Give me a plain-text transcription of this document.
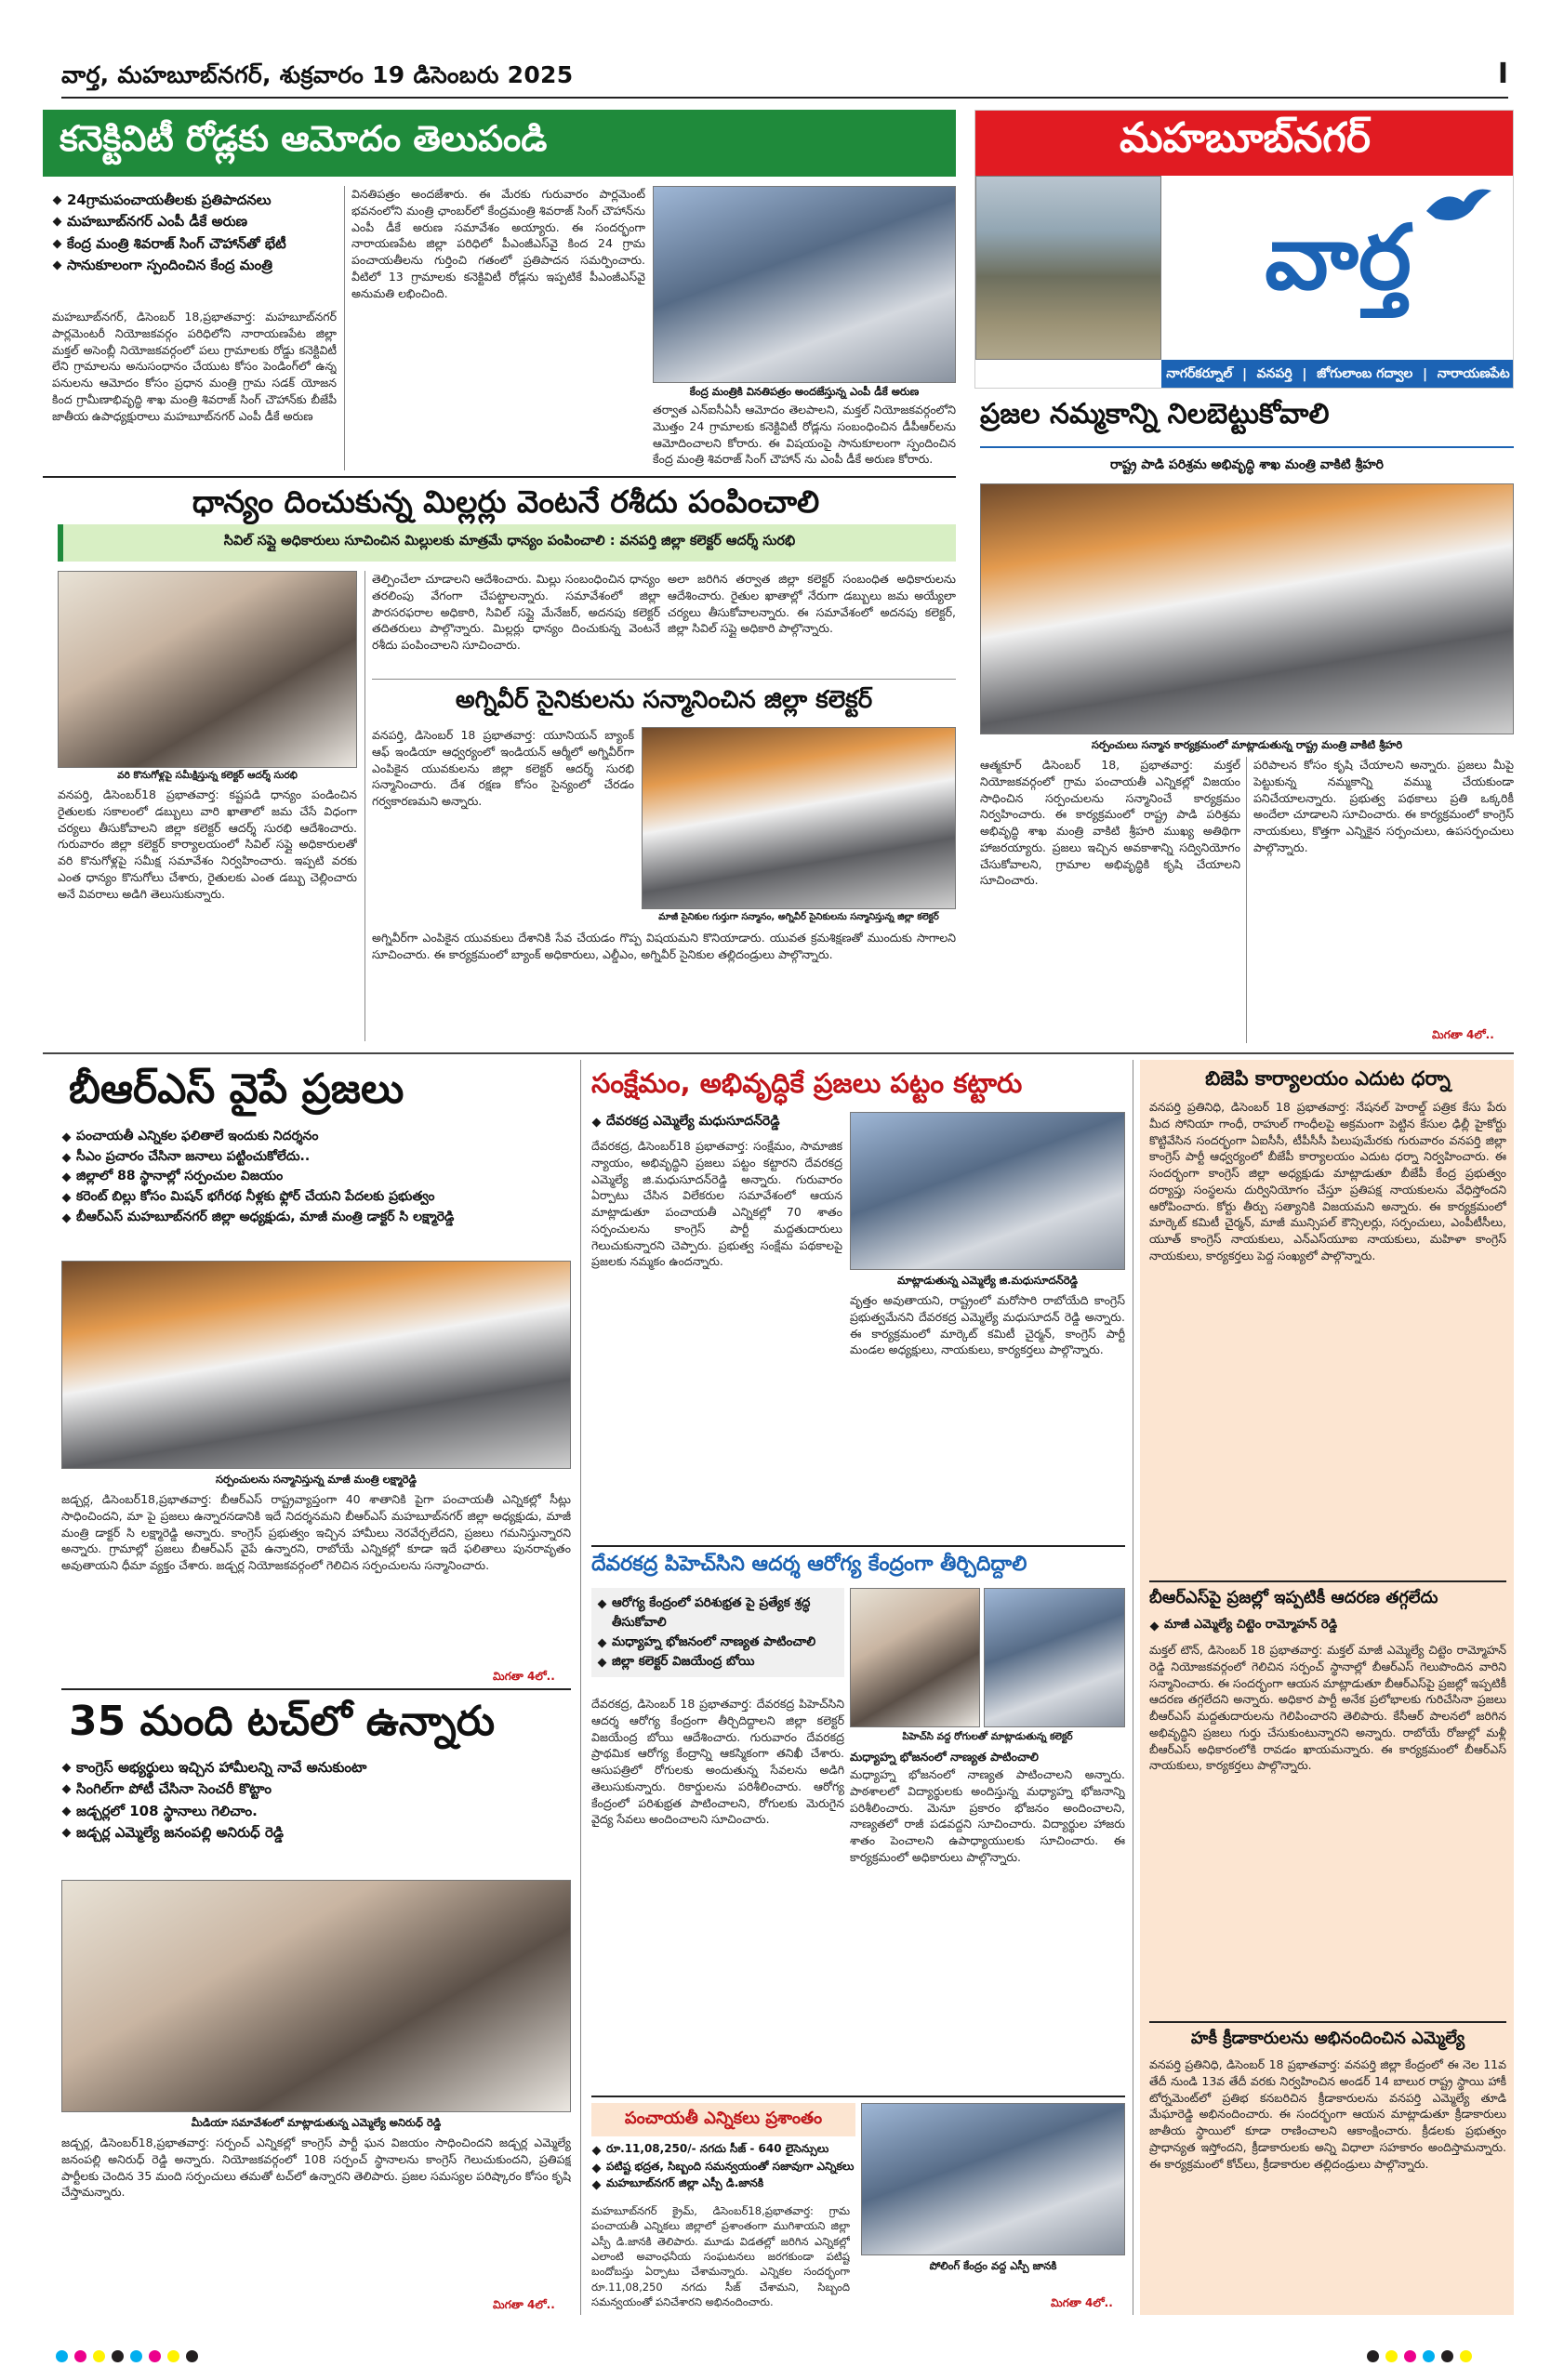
వార్త, మహబూబ్‌నగర్, శుక్రవారం 19 డిసెంబరు 2025	I
కనెక్టివిటీ రోడ్లకు ఆమోదం తెలుపండి
24గ్రామపంచాయతీలకు ప్రతిపాదనలు
మహబూబ్‌నగర్ ఎంపీ డీకే అరుణ
కేంద్ర మంత్రి శివరాజ్ సింగ్ చౌహాన్‌తో భేటీ
సానుకూలంగా స్పందించిన కేంద్ర మంత్రి
మహబూబ్‌నగర్, డిసెంబర్ 18,ప్రభాతవార్త: మహబూబ్‌నగర్ పార్లమెంటరీ నియోజకవర్గం పరిధిలోని నారాయణపేట జిల్లా మక్తల్ అసెంబ్లీ నియోజకవర్గంలో పలు గ్రామాలకు రోడ్డు కనెక్టివిటీ లేని గ్రామాలను అనుసంధానం చేయుట కోసం పెండింగ్‌లో ఉన్న పనులను ఆమోదం కోసం ప్రధాన మంత్రి గ్రామ సడక్ యోజన కింద గ్రామీణాభివృద్ధి శాఖ మంత్రి శివరాజ్ సింగ్ చౌహాన్‌కు బీజేపీ జాతీయ ఉపాధ్యక్షురాలు మహబూబ్‌నగర్ ఎంపీ డీకే అరుణ
వినతిపత్రం అందజేశారు. ఈ మేరకు గురువారం పార్లమెంట్ భవనంలోని మంత్రి ఛాంబర్‌లో కేంద్రమంత్రి శివరాజ్ సింగ్ చౌహాన్‌ను ఎంపీ డీకే అరుణ సమావేశం అయ్యారు. ఈ సందర్భంగా నారాయణపేట జిల్లా పరిధిలో పీఎంజీఎస్‌వై కింద 24 గ్రామ పంచాయతీలను గుర్తించి గతంలో ప్రతిపాదన సమర్పించారు. వీటిలో 13 గ్రామాలకు కనెక్టివిటీ రోడ్లను ఇప్పటికే పీఎంజీఎస్‌వై అనుమతి లభించింది.
కేంద్ర మంత్రికి వినతిపత్రం అందజేస్తున్న ఎంపీ డీకే అరుణ
తర్వాత ఎన్ఐసీఏసీ ఆమోదం తెలపాలని, మక్తల్ నియోజకవర్గంలోని మొత్తం 24 గ్రామాలకు కనెక్టివిటీ రోడ్లను సంబంధించిన డీపీఆర్‌లను ఆమోదించాలని కోరారు. ఈ విషయంపై సానుకూలంగా స్పందించిన కేంద్ర మంత్రి శివరాజ్ సింగ్ చౌహాన్ ను ఎంపీ డీకే అరుణ కోరారు.
మహబూబ్‌నగర్
వార్త
నాగర్‌కర్నూల్ | వనపర్తి | జోగులాంబ గద్వాల | నారాయణపేట
ప్రజల నమ్మకాన్ని నిలబెట్టుకోవాలి
రాష్ట్ర పాడి పరిశ్రమ అభివృద్ధి శాఖ మంత్రి వాకిటి శ్రీహరి
సర్పంచులు సన్మాన కార్యక్రమంలో మాట్లాడుతున్న రాష్ట్ర మంత్రి వాకిటి శ్రీహరి
ఆత్మకూర్ డిసెంబర్ 18, ప్రభాతవార్త: మక్తల్ నియోజకవర్గంలో గ్రామ పంచాయతీ ఎన్నికల్లో విజయం సాధించిన సర్పంచులను సన్మానించే కార్యక్రమం నిర్వహించారు. ఈ కార్యక్రమంలో రాష్ట్ర పాడి పరిశ్రమ అభివృద్ధి శాఖ మంత్రి వాకిటి శ్రీహరి ముఖ్య అతిథిగా హాజరయ్యారు. ప్రజలు ఇచ్చిన అవకాశాన్ని సద్వినియోగం చేసుకోవాలని, గ్రామాల అభివృద్ధికి కృషి చేయాలని సూచించారు.
పరిపాలన కోసం కృషి చేయాలని అన్నారు. ప్రజలు మీపై పెట్టుకున్న నమ్మకాన్ని వమ్ము చేయకుండా పనిచేయాలన్నారు. ప్రభుత్వ పథకాలు ప్రతి ఒక్కరికీ అందేలా చూడాలని సూచించారు. ఈ కార్యక్రమంలో కాంగ్రెస్ నాయకులు, కొత్తగా ఎన్నికైన సర్పంచులు, ఉపసర్పంచులు పాల్గొన్నారు.
మిగతా 4లో..
ధాన్యం దించుకున్న మిల్లర్లు వెంటనే రశీదు పంపించాలి
సివిల్ సప్లై అధికారులు సూచించిన మిల్లులకు మాత్రమే ధాన్యం పంపించాలి : వనపర్తి జిల్లా కలెక్టర్ ఆదర్శ్ సురభి
వరి కొనుగోళ్లపై సమీక్షిస్తున్న కలెక్టర్ ఆదర్శ్ సురభి
వనపర్తి, డిసెంబర్18 ప్రభాతవార్త: కష్టపడి ధాన్యం పండించిన రైతులకు సకాలంలో డబ్బులు వారి ఖాతాలో జమ చేసే విధంగా చర్యలు తీసుకోవాలని జిల్లా కలెక్టర్ ఆదర్శ్ సురభి ఆదేశించారు. గురువారం జిల్లా కలెక్టర్ కార్యాలయంలో సివిల్ సప్లై అధికారులతో వరి కొనుగోళ్లపై సమీక్ష సమావేశం నిర్వహించారు. ఇప్పటి వరకు ఎంత ధాన్యం కొనుగోలు చేశారు, రైతులకు ఎంత డబ్బు చెల్లించారు అనే వివరాలు అడిగి తెలుసుకున్నారు.
తెల్పించేలా చూడాలని ఆదేశించారు. మిల్లు సంబంధించిన ధాన్యం తరలింపు వేగంగా చేపట్టాలన్నారు. సమావేశంలో జిల్లా పౌరసరఫరాల అధికారి, సివిల్ సప్లై మేనేజర్, అదనపు కలెక్టర్ తదితరులు పాల్గొన్నారు. మిల్లర్లు ధాన్యం దించుకున్న వెంటనే రశీదు పంపించాలని సూచించారు.
అలా జరిగిన తర్వాత జిల్లా కలెక్టర్ సంబంధిత అధికారులను ఆదేశించారు. రైతుల ఖాతాల్లో నేరుగా డబ్బులు జమ అయ్యేలా చర్యలు తీసుకోవాలన్నారు. ఈ సమావేశంలో అదనపు కలెక్టర్, జిల్లా సివిల్ సప్లై అధికారి పాల్గొన్నారు.
అగ్నివీర్ సైనికులను సన్మానించిన జిల్లా కలెక్టర్
వనపర్తి, డిసెంబర్ 18 ప్రభాతవార్త: యూనియన్ బ్యాంక్ ఆఫ్ ఇండియా ఆధ్వర్యంలో ఇండియన్ ఆర్మీలో అగ్నివీర్‌గా ఎంపికైన యువకులను జిల్లా కలెక్టర్ ఆదర్శ్ సురభి సన్మానించారు. దేశ రక్షణ కోసం సైన్యంలో చేరడం గర్వకారణమని అన్నారు.
మాజీ సైనికుల గుర్తుగా సన్మానం, అగ్నివీర్ సైనికులను సన్మానిస్తున్న జిల్లా కలెక్టర్
అగ్నివీర్‌గా ఎంపికైన యువకులు దేశానికి సేవ చేయడం గొప్ప విషయమని కొనియాడారు. యువత క్రమశిక్షణతో ముందుకు సాగాలని సూచించారు. ఈ కార్యక్రమంలో బ్యాంక్ అధికారులు, ఎల్డీఎం, అగ్నివీర్ సైనికుల తల్లిదండ్రులు పాల్గొన్నారు.
బీఆర్ఎస్ వైపే ప్రజలు
పంచాయతీ ఎన్నికల ఫలితాలే ఇందుకు నిదర్శనం
సీఎం ప్రచారం చేసినా జనాలు పట్టించుకోలేదు..
జిల్లాలో 88 స్థానాల్లో సర్పంచుల విజయం
కరెంట్ బిల్లు కోసం మిషన్ భగీరథ నీళ్లకు ఫ్లోర్ చేయని పేదలకు ప్రభుత్వం
బీఆర్ఎస్ మహబూబ్‌నగర్ జిల్లా అధ్యక్షుడు, మాజీ మంత్రి డాక్టర్ సి లక్ష్మారెడ్డి
సర్పంచులను సన్మానిస్తున్న మాజీ మంత్రి లక్ష్మారెడ్డి
జడ్చర్ల, డిసెంబర్18,ప్రభాతవార్త: బీఆర్ఎస్ రాష్ట్రవ్యాప్తంగా 40 శాతానికి పైగా పంచాయతీ ఎన్నికల్లో సీట్లు సాధించిందని, మా పై ప్రజలు ఉన్నారనడానికి ఇదే నిదర్శనమని బీఆర్ఎస్ మహబూబ్‌నగర్ జిల్లా అధ్యక్షుడు, మాజీ మంత్రి డాక్టర్ సి లక్ష్మారెడ్డి అన్నారు. కాంగ్రెస్ ప్రభుత్వం ఇచ్చిన హామీలు నెరవేర్చలేదని, ప్రజలు గమనిస్తున్నారని అన్నారు. గ్రామాల్లో ప్రజలు బీఆర్ఎస్ వైపే ఉన్నారని, రాబోయే ఎన్నికల్లో కూడా ఇదే ఫలితాలు పునరావృతం అవుతాయని ధీమా వ్యక్తం చేశారు. జడ్చర్ల నియోజకవర్గంలో గెలిచిన సర్పంచులను సన్మానించారు.
మిగతా 4లో..
35 మంది టచ్‌లో ఉన్నారు
కాంగ్రెస్ అభ్యర్థులు ఇచ్చిన హామీలన్ని నావే అనుకుంటా
సింగిల్‌గా పోటీ చేసినా సెంచరీ కొట్టాం
జడ్చర్లలో 108 స్థానాలు గెలిచాం.
జడ్చర్ల ఎమ్మెల్యే జనంపల్లి అనిరుధ్ రెడ్డి
మీడియా సమావేశంలో మాట్లాడుతున్న ఎమ్మెల్యే అనిరుధ్ రెడ్డి
జడ్చర్ల, డిసెంబర్18,ప్రభాతవార్త: సర్పంచ్ ఎన్నికల్లో కాంగ్రెస్ పార్టీ ఘన విజయం సాధించిందని జడ్చర్ల ఎమ్మెల్యే జనంపల్లి అనిరుధ్ రెడ్డి అన్నారు. నియోజకవర్గంలో 108 సర్పంచ్ స్థానాలను కాంగ్రెస్ గెలుచుకుందని, ప్రతిపక్ష పార్టీలకు చెందిన 35 మంది సర్పంచులు తమతో టచ్‌లో ఉన్నారని తెలిపారు. ప్రజల సమస్యల పరిష్కారం కోసం కృషి చేస్తామన్నారు.
మిగతా 4లో..
సంక్షేమం, అభివృద్ధికే ప్రజలు పట్టం కట్టారు
దేవరకద్ర ఎమ్మెల్యే మధుసూదన్‌రెడ్డి
దేవరకద్ర, డిసెంబర్18 ప్రభాతవార్త: సంక్షేమం, సామాజిక న్యాయం, అభివృద్ధిని ప్రజలు పట్టం కట్టారని దేవరకద్ర ఎమ్మెల్యే జి.మధుసూదన్‌రెడ్డి అన్నారు. గురువారం ఏర్పాటు చేసిన విలేకరుల సమావేశంలో ఆయన మాట్లాడుతూ పంచాయతీ ఎన్నికల్లో 70 శాతం సర్పంచులను కాంగ్రెస్ పార్టీ మద్దతుదారులు గెలుచుకున్నారని చెప్పారు. ప్రభుత్వ సంక్షేమ పథకాలపై ప్రజలకు నమ్మకం ఉందన్నారు.
మాట్లాడుతున్న ఎమ్మెల్యే జి.మధుసూదన్‌రెడ్డి
వృత్తం అవుతాయని, రాష్ట్రంలో మరోసారి రాబోయేది కాంగ్రెస్ ప్రభుత్వమేనని దేవరకద్ర ఎమ్మెల్యే మధుసూదన్ రెడ్డి అన్నారు. ఈ కార్యక్రమంలో మార్కెట్ కమిటీ చైర్మన్, కాంగ్రెస్ పార్టీ మండల అధ్యక్షులు, నాయకులు, కార్యకర్తలు పాల్గొన్నారు.
దేవరకద్ర పిహెచ్‌సిని ఆదర్శ ఆరోగ్య కేంద్రంగా తీర్చిదిద్దాలి
ఆరోగ్య కేంద్రంలో పరిశుభ్రత పై ప్రత్యేక శ్రద్ధ తీసుకోవాలి
మధ్యాహ్న భోజనంలో నాణ్యత పాటించాలి
జిల్లా కలెక్టర్ విజయేంద్ర బోయి
దేవరకద్ర, డిసెంబర్ 18 ప్రభాతవార్త: దేవరకద్ర పిహెచ్‌సిని ఆదర్శ ఆరోగ్య కేంద్రంగా తీర్చిదిద్దాలని జిల్లా కలెక్టర్ విజయేంద్ర బోయి ఆదేశించారు. గురువారం దేవరకద్ర ప్రాథమిక ఆరోగ్య కేంద్రాన్ని ఆకస్మికంగా తనిఖీ చేశారు. ఆసుపత్రిలో రోగులకు అందుతున్న సేవలను అడిగి తెలుసుకున్నారు. రికార్డులను పరిశీలించారు. ఆరోగ్య కేంద్రంలో పరిశుభ్రత పాటించాలని, రోగులకు మెరుగైన వైద్య సేవలు అందించాలని సూచించారు.
పిహెచ్‌సి వద్ద రోగులతో మాట్లాడుతున్న కలెక్టర్
మధ్యాహ్న భోజనంలో నాణ్యత పాటించాలి
మధ్యాహ్న భోజనంలో నాణ్యత పాటించాలని అన్నారు. పాఠశాలలో విద్యార్థులకు అందిస్తున్న మధ్యాహ్న భోజనాన్ని పరిశీలించారు. మెనూ ప్రకారం భోజనం అందించాలని, నాణ్యతలో రాజీ పడవద్దని సూచించారు. విద్యార్థుల హాజరు శాతం పెంచాలని ఉపాధ్యాయులకు సూచించారు. ఈ కార్యక్రమంలో అధికారులు పాల్గొన్నారు.
పంచాయతీ ఎన్నికలు ప్రశాంతం
రూ.11,08,250/- నగదు సీజ్ - 640 లైసెన్సులు
పటిష్ట భద్రత, సిబ్బంది సమన్వయంతో సజావుగా ఎన్నికలు
మహబూబ్‌నగర్ జిల్లా ఎస్పీ డి.జానకి
మహబూబ్‌నగర్ క్రైమ్, డిసెంబర్18,ప్రభాతవార్త: గ్రామ పంచాయతీ ఎన్నికలు జిల్లాలో ప్రశాంతంగా ముగిశాయని జిల్లా ఎస్పీ డి.జానకి తెలిపారు. మూడు విడతల్లో జరిగిన ఎన్నికల్లో ఎలాంటి అవాంఛనీయ సంఘటనలు జరగకుండా పటిష్ట బందోబస్తు ఏర్పాటు చేశామన్నారు. ఎన్నికల సందర్భంగా రూ.11,08,250 నగదు సీజ్ చేశామని, సిబ్బంది సమన్వయంతో పనిచేశారని అభినందించారు.
పోలింగ్ కేంద్రం వద్ద ఎస్పీ జానకి
మిగతా 4లో..
బిజెపి కార్యాలయం ఎదుట ధర్నా
వనపర్తి ప్రతినిధి, డిసెంబర్ 18 ప్రభాతవార్త: నేషనల్ హెరాల్డ్ పత్రిక కేసు పేరు మీద సోనియా గాంధీ, రాహుల్ గాంధీలపై అక్రమంగా పెట్టిన కేసుల ఢిల్లీ హైకోర్టు కొట్టివేసిన సందర్భంగా ఏఐసీసీ, టీపీసీసీ పిలుపుమేరకు గురువారం వనపర్తి జిల్లా కాంగ్రెస్ పార్టీ ఆధ్వర్యంలో బీజేపీ కార్యాలయం ఎదుట ధర్నా నిర్వహించారు. ఈ సందర్భంగా కాంగ్రెస్ జిల్లా అధ్యక్షుడు మాట్లాడుతూ బీజేపీ కేంద్ర ప్రభుత్వం దర్యాప్తు సంస్థలను దుర్వినియోగం చేస్తూ ప్రతిపక్ష నాయకులను వేధిస్తోందని ఆరోపించారు. కోర్టు తీర్పు సత్యానికి విజయమని అన్నారు. ఈ కార్యక్రమంలో మార్కెట్ కమిటీ చైర్మన్, మాజీ మున్సిపల్ కౌన్సిలర్లు, సర్పంచులు, ఎంపీటీసీలు, యూత్ కాంగ్రెస్ నాయకులు, ఎన్ఎస్‌యూఐ నాయకులు, మహిళా కాంగ్రెస్ నాయకులు, కార్యకర్తలు పెద్ద సంఖ్యలో పాల్గొన్నారు.
బీఆర్ఎస్‌పై ప్రజల్లో ఇప్పటికీ ఆదరణ తగ్గలేదు
మాజీ ఎమ్మెల్యే చిట్టెం రామ్మోహన్ రెడ్డి
మక్తల్ టౌన్, డిసెంబర్ 18 ప్రభాతవార్త: మక్తల్ మాజీ ఎమ్మెల్యే చిట్టెం రామ్మోహన్ రెడ్డి నియోజకవర్గంలో గెలిచిన సర్పంచ్ స్థానాల్లో బీఆర్ఎస్ గెలుపొందిన వారిని సన్మానించారు. ఈ సందర్భంగా ఆయన మాట్లాడుతూ బీఆర్ఎస్‌పై ప్రజల్లో ఇప్పటికీ ఆదరణ తగ్గలేదని అన్నారు. అధికార పార్టీ అనేక ప్రలోభాలకు గురిచేసినా ప్రజలు బీఆర్ఎస్ మద్దతుదారులను గెలిపించారని తెలిపారు. కేసీఆర్ పాలనలో జరిగిన అభివృద్ధిని ప్రజలు గుర్తు చేసుకుంటున్నారని అన్నారు. రాబోయే రోజుల్లో మళ్లీ బీఆర్ఎస్ అధికారంలోకి రావడం ఖాయమన్నారు. ఈ కార్యక్రమంలో బీఆర్ఎస్ నాయకులు, కార్యకర్తలు పాల్గొన్నారు.
హకీ క్రీడాకారులను అభినందించిన ఎమ్మెల్యే
వనపర్తి ప్రతినిధి, డిసెంబర్ 18 ప్రభాతవార్త: వనపర్తి జిల్లా కేంద్రంలో ఈ నెల 11వ తేదీ నుండి 13వ తేదీ వరకు నిర్వహించిన అండర్ 14 బాలుర రాష్ట్ర స్థాయి హాకీ టోర్నమెంట్‌లో ప్రతిభ కనబరిచిన క్రీడాకారులను వనపర్తి ఎమ్మెల్యే తూడి మేఘారెడ్డి అభినందించారు. ఈ సందర్భంగా ఆయన మాట్లాడుతూ క్రీడాకారులు జాతీయ స్థాయిలో కూడా రాణించాలని ఆకాంక్షించారు. క్రీడలకు ప్రభుత్వం ప్రాధాన్యత ఇస్తోందని, క్రీడాకారులకు అన్ని విధాలా సహకారం అందిస్తామన్నారు. ఈ కార్యక్రమంలో కోచ్‌లు, క్రీడాకారుల తల్లిదండ్రులు పాల్గొన్నారు.
